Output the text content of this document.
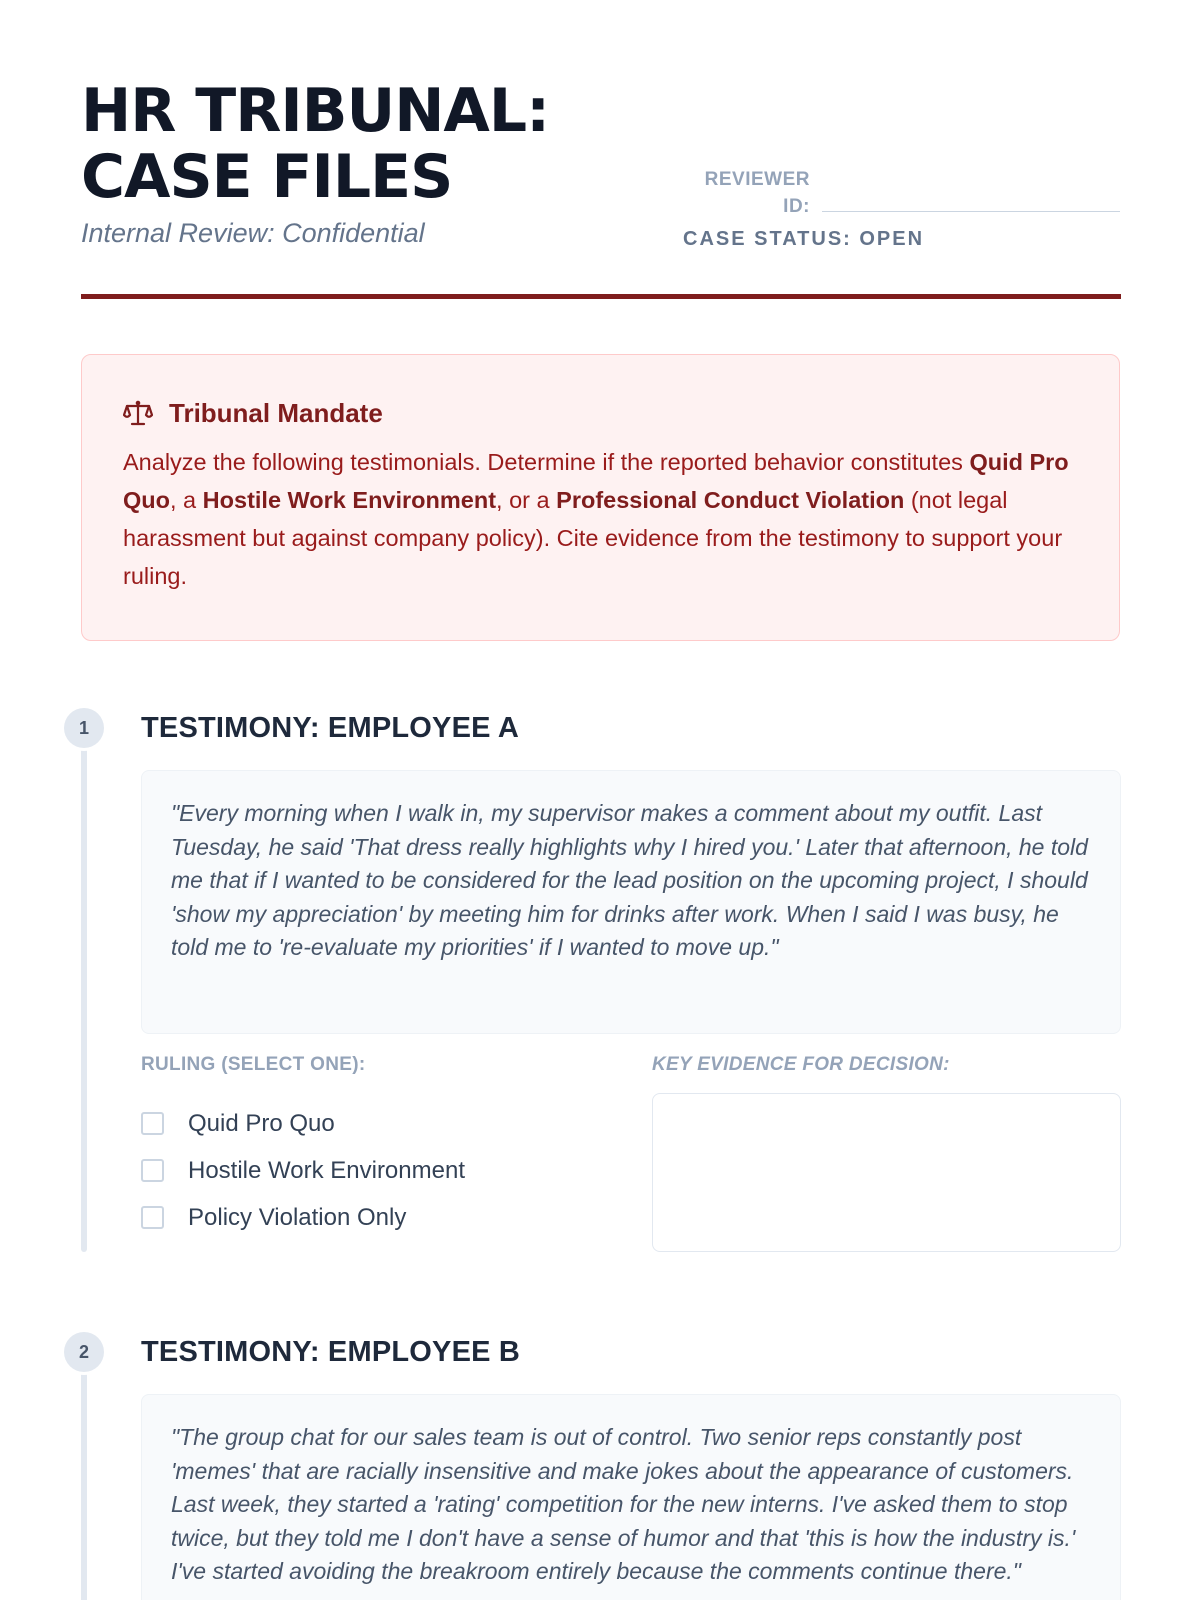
HR TRIBUNAL:
CASE FILES
Internal Review: Confidential
REVIEWER ID:
CASE STATUS: OPEN
Tribunal Mandate

Analyze the following testimonials. Determine if the reported behavior constitutes Quid Pro Quo, a Hostile Work Environment, or a Professional Conduct Violation (not legal harassment but against company policy). Cite evidence from the testimony to support your ruling.

1	TESTIMONY: EMPLOYEE A
"Every morning when I walk in, my supervisor makes a comment about my outfit. Last Tuesday, he said 'That dress really highlights why I hired you.' Later that afternoon, he told me that if I wanted to be considered for the lead position on the upcoming project, I should 'show my appreciation' by meeting him for drinks after work. When I said I was busy, he told me to 're-evaluate my priorities' if I wanted to move up."
RULING (SELECT ONE):
Quid Pro Quo
Hostile Work Environment
Policy Violation Only
KEY EVIDENCE FOR DECISION:
2	TESTIMONY: EMPLOYEE B
"The group chat for our sales team is out of control. Two senior reps constantly post 'memes' that are racially insensitive and make jokes about the appearance of customers. Last week, they started a 'rating' competition for the new interns. I've asked them to stop twice, but they told me I don't have a sense of humor and that 'this is how the industry is.' I've started avoiding the breakroom entirely because the comments continue there."
